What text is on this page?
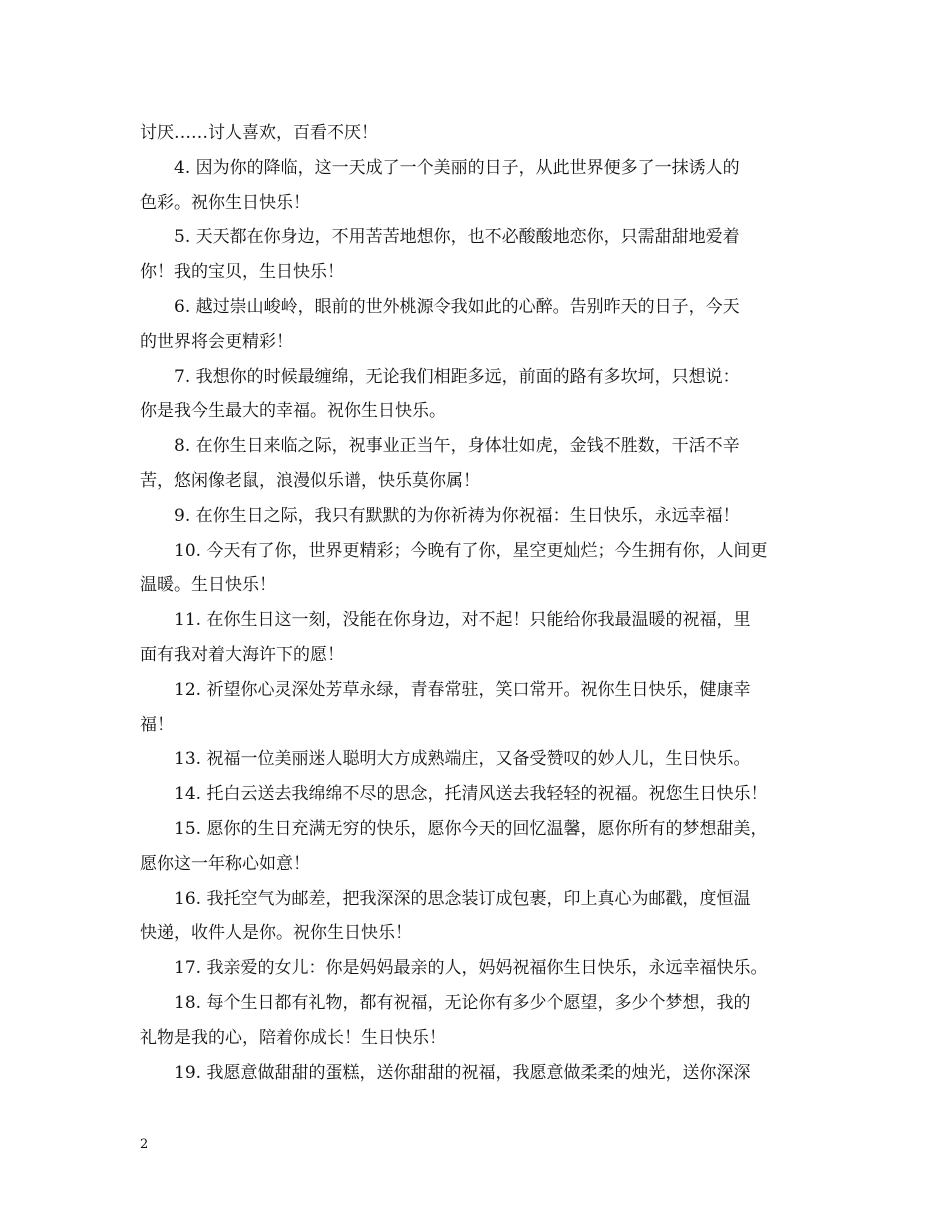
讨厌……讨人喜欢，百看不厌！
4. 因为你的降临，这一天成了一个美丽的日子，从此世界便多了一抹诱人的
色彩。祝你生日快乐！
5. 天天都在你身边，不用苦苦地想你，也不必酸酸地恋你，只需甜甜地爱着
你！我的宝贝，生日快乐！
6. 越过崇山峻岭，眼前的世外桃源令我如此的心醉。告别昨天的日子，今天
的世界将会更精彩！
7. 我想你的时候最缠绵，无论我们相距多远，前面的路有多坎坷，只想说：
你是我今生最大的幸福。祝你生日快乐。
8. 在你生日来临之际，祝事业正当午，身体壮如虎，金钱不胜数，干活不辛
苦，悠闲像老鼠，浪漫似乐谱，快乐莫你属！
9. 在你生日之际，我只有默默的为你祈祷为你祝福：生日快乐，永远幸福！
10. 今天有了你，世界更精彩；今晚有了你，星空更灿烂；今生拥有你，人间更
温暖。生日快乐！
11. 在你生日这一刻，没能在你身边，对不起！只能给你我最温暖的祝福，里
面有我对着大海许下的愿！
12. 祈望你心灵深处芳草永绿，青春常驻，笑口常开。祝你生日快乐，健康幸
福！
13. 祝福一位美丽迷人聪明大方成熟端庄，又备受赞叹的妙人儿，生日快乐。
14. 托白云送去我绵绵不尽的思念，托清风送去我轻轻的祝福。祝您生日快乐！
15. 愿你的生日充满无穷的快乐，愿你今天的回忆温馨，愿你所有的梦想甜美，
愿你这一年称心如意！
16. 我托空气为邮差，把我深深的思念装订成包裹，印上真心为邮戳，度恒温
快递，收件人是你。祝你生日快乐！
17. 我亲爱的女儿：你是妈妈最亲的人，妈妈祝福你生日快乐，永远幸福快乐。
18. 每个生日都有礼物，都有祝福，无论你有多少个愿望，多少个梦想，我的
礼物是我的心，陪着你成长！生日快乐！
19. 我愿意做甜甜的蛋糕，送你甜甜的祝福，我愿意做柔柔的烛光，送你深深
2
